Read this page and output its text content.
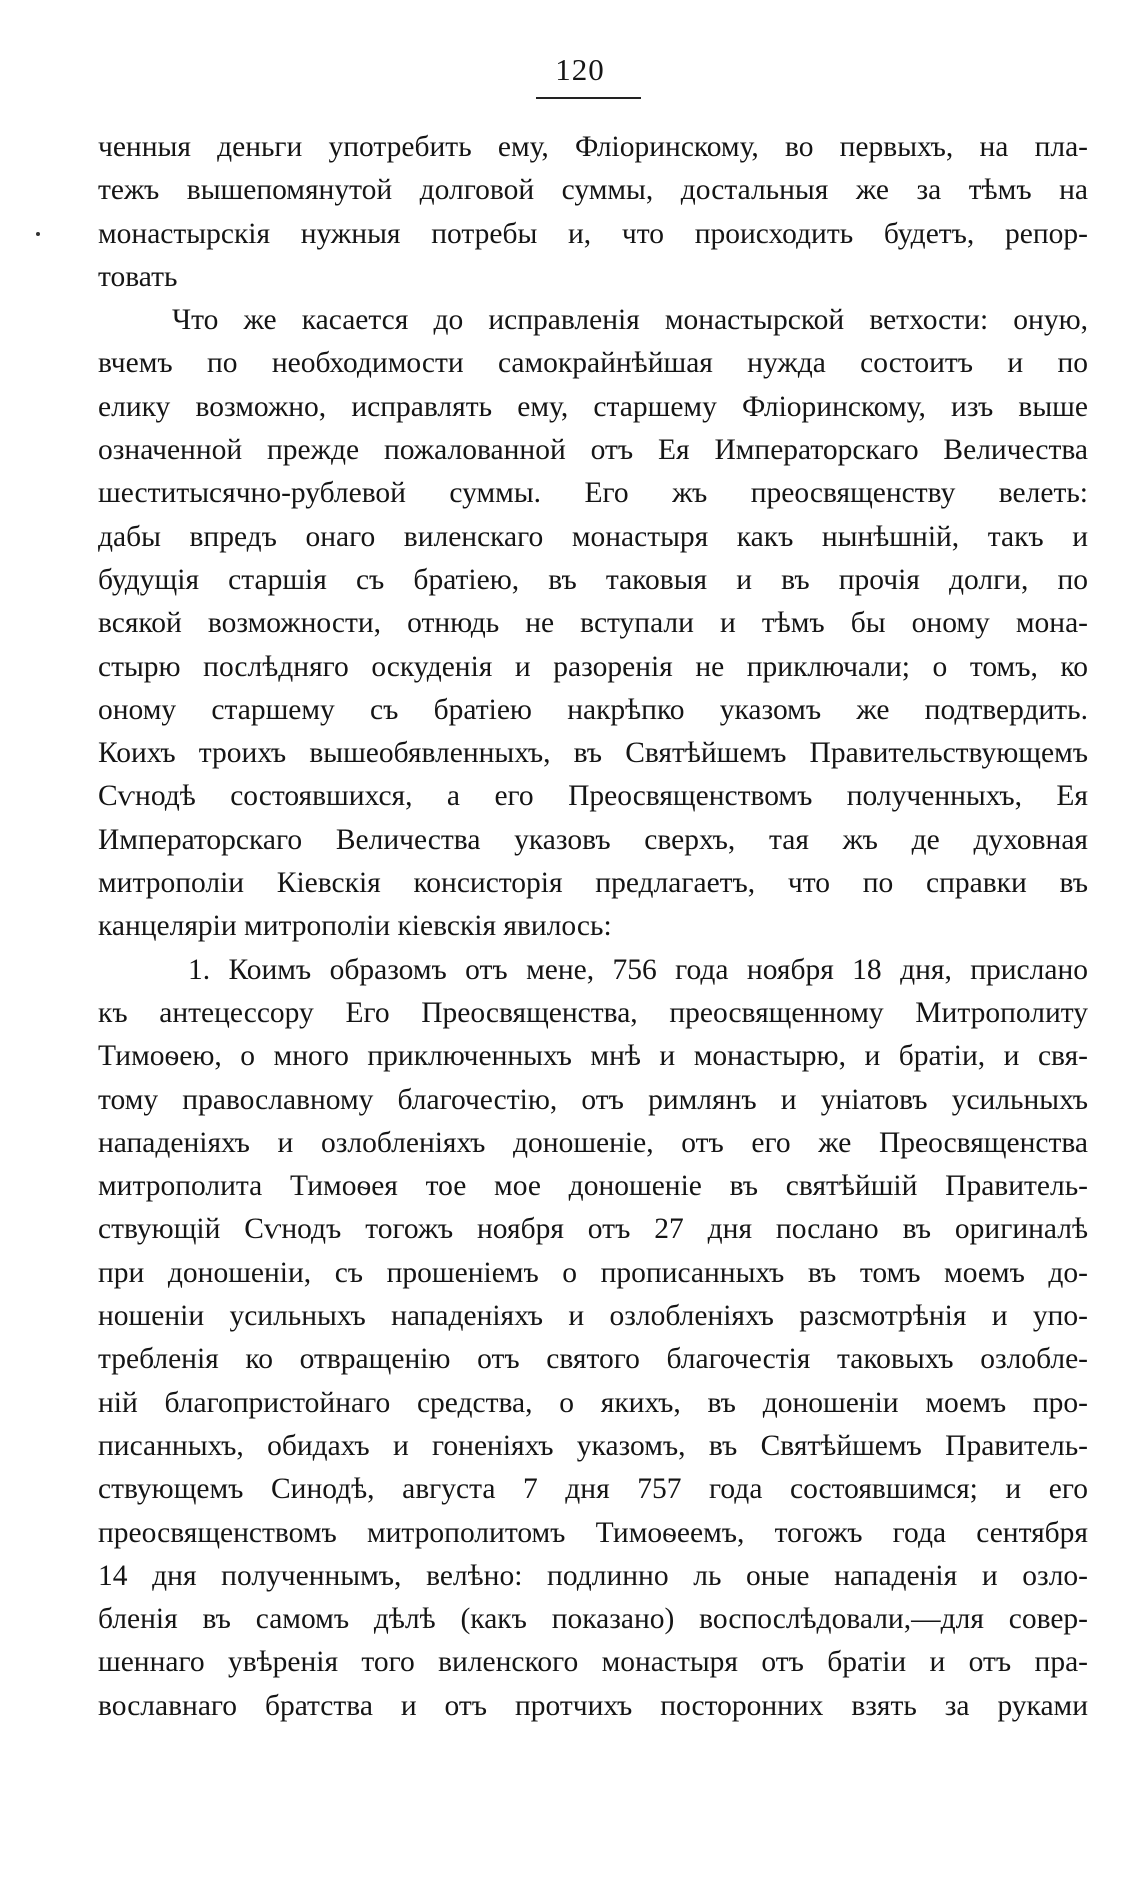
120
ченныя деньги употребить ему, Фліоринскому, во первыхъ, на пла-
тежъ вышепомянутой долговой суммы, достальныя же за тѣмъ на
монастырскія нужныя потребы и, что происходить будетъ, репор-
товать
Что же касается до исправленія монастырской ветхости: оную,
вчемъ по необходимости самокрайнѣйшая нужда состоитъ и по
елику возможно, исправлять ему, старшему Фліоринскому, изъ выше
означенной прежде пожалованной отъ Ея Императорскаго Величества
шеститысячно-рублевой суммы. Его жъ преосвященству велеть:
дабы впредъ онаго виленскаго монастыря какъ нынѣшній, такъ и
будущія старшія съ братіею, въ таковыя и въ прочія долги, по
всякой возможности, отнюдь не вступали и тѣмъ бы оному мона-
стырю послѣдняго оскуденія и разоренія не приключали; о томъ, ко
оному старшему съ братіею накрѣпко указомъ же подтвердить.
Коихъ троихъ вышеобявленныхъ, въ Святѣйшемъ Правительствующемъ
Сѵнодѣ состоявшихся, а его Преосвященствомъ полученныхъ, Ея
Императорскаго Величества указовъ сверхъ, тая жъ де духовная
митрополіи Кіевскія консисторія предлагаетъ, что по справки въ
канцеляріи митрополіи кіевскія явилось:
1. Коимъ образомъ отъ мене, 756 года ноября 18 дня, прислано
къ антецессору Его Преосвященства, преосвященному Митрополиту
Тимоѳею, о много приключенныхъ мнѣ и монастырю, и братіи, и свя-
тому православному благочестію, отъ римлянъ и уніатовъ усильныхъ
нападеніяхъ и озлобленіяхъ доношеніе, отъ его же Преосвященства
митрополита Тимоѳея тое мое доношеніе въ святѣйшій Правитель-
ствующій Сѵнодъ тогожъ ноября отъ 27 дня послано въ оригиналѣ
при доношеніи, съ прошеніемъ о прописанныхъ въ томъ моемъ до-
ношеніи усильныхъ нападеніяхъ и озлобленіяхъ разсмотрѣнія и упо-
требленія ко отвращенію отъ святого благочестія таковыхъ озлобле-
ній благопристойнаго средства, о якихъ, въ доношеніи моемъ про-
писанныхъ, обидахъ и гоненіяхъ указомъ, въ Святѣйшемъ Правитель-
ствующемъ Синодѣ, августа 7 дня 757 года состоявшимся; и его
преосвященствомъ митрополитомъ Тимоѳеемъ, тогожъ года сентября
14 дня полученнымъ, велѣно: подлинно ль оные нападенія и озло-
бленія въ самомъ дѣлѣ (какъ показано) воспослѣдовали,—для совер-
шеннаго увѣренія того виленского монастыря отъ братіи и отъ пра-
вославнаго братства и отъ протчихъ посторонних взять за руками
